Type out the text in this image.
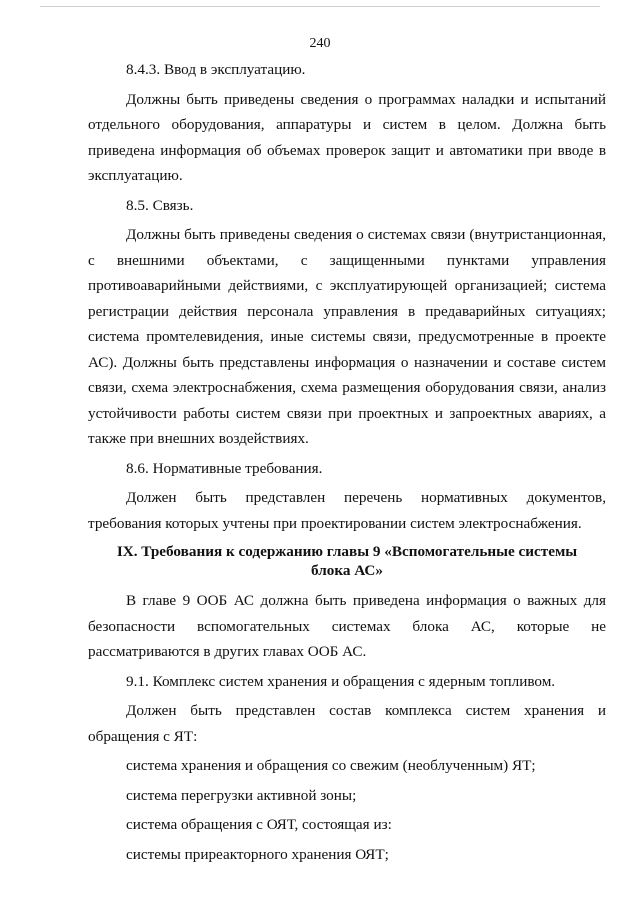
240

8.4.3. Ввод в эксплуатацию.

Должны быть приведены сведения о программах наладки и испытаний отдельного оборудования, аппаратуры и систем в целом. Должна быть приведена информация об объемах проверок защит и автоматики при вводе в эксплуатацию.

8.5. Связь.

Должны быть приведены сведения о системах связи (внутристанционная, с внешними объектами, с защищенными пунктами управления противоаварийными действиями, с эксплуатирующей организацией; система регистрации действия персонала управления в предаварийных ситуациях; система промтелевидения, иные системы связи, предусмотренные в проекте АС). Должны быть представлены информация о назначении и составе систем связи, схема электроснабжения, схема размещения оборудования связи, анализ устойчивости работы систем связи при проектных и запроектных авариях, а также при внешних воздействиях.

8.6. Нормативные требования.

Должен быть представлен перечень нормативных документов, требования которых учтены при проектировании систем электроснабжения.

IX. Требования к содержанию главы 9 «Вспомогательные системы блока АС»

В главе 9 ООБ АС должна быть приведена информация о важных для безопасности вспомогательных системах блока АС, которые не рассматриваются в других главах ООБ АС.

9.1. Комплекс систем хранения и обращения с ядерным топливом.

Должен быть представлен состав комплекса систем хранения и обращения с ЯТ:

система хранения и обращения со свежим (необлученным) ЯТ;

система перегрузки активной зоны;

система обращения с ОЯТ, состоящая из:

системы приреакторного хранения ОЯТ;
